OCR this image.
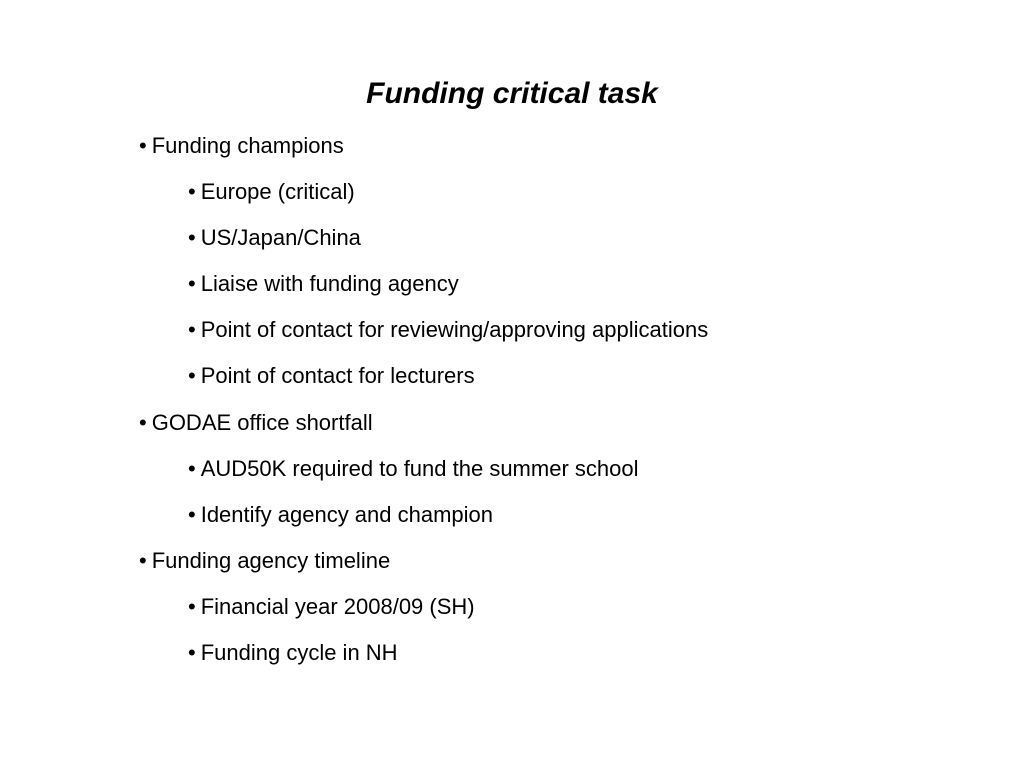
Funding critical task
• Funding champions
• Europe (critical)
• US/Japan/China
• Liaise with funding agency
• Point of contact for reviewing/approving applications
• Point of contact for lecturers
• GODAE office shortfall
• AUD50K required to fund the summer school
• Identify agency and champion
• Funding agency timeline
• Financial year 2008/09 (SH)
• Funding cycle in NH
